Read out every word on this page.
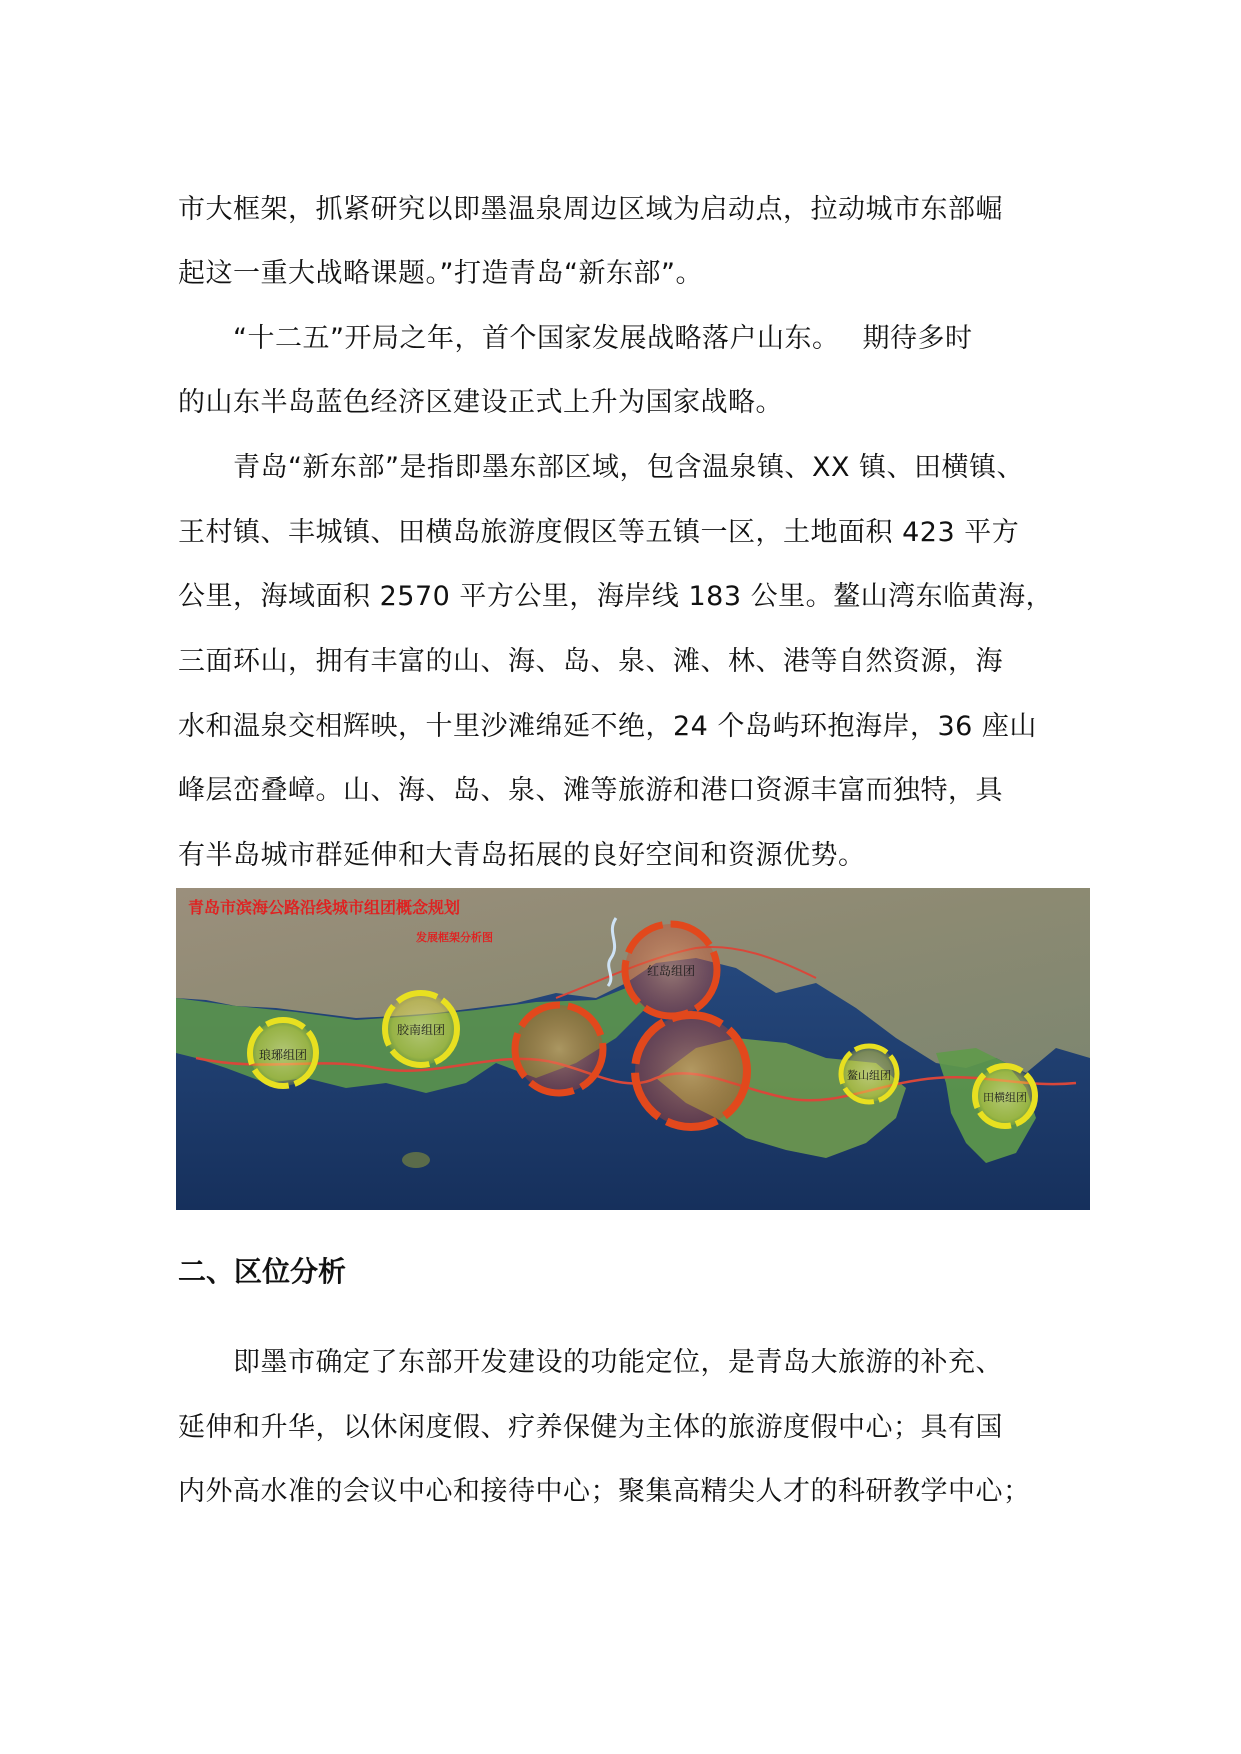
市大框架，抓紧研究以即墨温泉周边区域为启动点，拉动城市东部崛
起这一重大战略课题。”打造青岛“新东部”。
　　“十二五”开局之年，首个国家发展战略落户山东。　 期待多时
的山东半岛蓝色经济区建设正式上升为国家战略。
　　青岛“新东部”是指即墨东部区域，包含温泉镇、XX 镇、田横镇、
王村镇、丰城镇、田横岛旅游度假区等五镇一区，土地面积 423 平方
公里，海域面积 2570 平方公里，海岸线 183 公里。鳌山湾东临黄海，
三面环山，拥有丰富的山、海、岛、泉、滩、林、港等自然资源，海
水和温泉交相辉映，十里沙滩绵延不绝，24 个岛屿环抱海岸，36 座山
峰层峦叠嶂。山、海、岛、泉、滩等旅游和港口资源丰富而独特，具
有半岛城市群延伸和大青岛拓展的良好空间和资源优势。
琅琊组团
胶南组团
红岛组团
鳌山组团
田横组团
青岛市滨海公路沿线城市组团概念规划
发展框架分析图
二、区位分析
　　即墨市确定了东部开发建设的功能定位，是青岛大旅游的补充、
延伸和升华，以休闲度假、疗养保健为主体的旅游度假中心；具有国
内外高水准的会议中心和接待中心；聚集高精尖人才的科研教学中心；
